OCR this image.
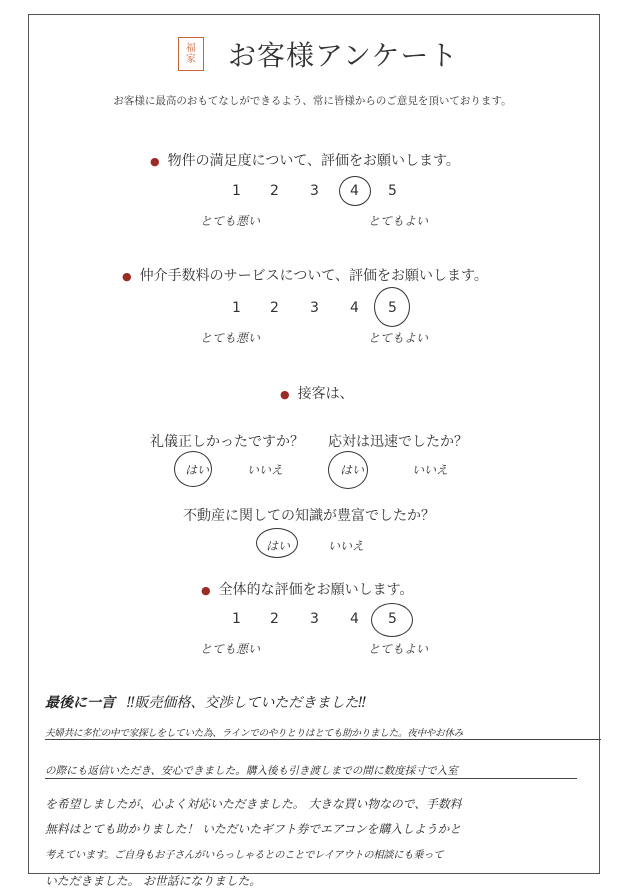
福
家 お客様アンケート
お客様に最高のおもてなしができるよう、常に皆様からのご意見を頂いております。
● 物件の満足度について、評価をお願いします。
1 2 3 4 5
とても悪い	とてもよい
● 仲介手数料のサービスについて、評価をお願いします。
1 2 3 4 5
とても悪い	とてもよい
● 接客は、
礼儀正しかったですか？ 応対は迅速でしたか？
はい	いいえ	はい	いいえ
不動産に関しての知識が豊富でしたか？
はい	いいえ
● 全体的な評価をお願いします。
1 2 3 4 5
とても悪い	とてもよい
最後に一言 ‼販売価格、交渉していただきました‼
夫婦共に多忙の中で家探しをしていた為、ラインでのやりとりはとても助かりました。夜中やお休み
の際にも返信いただき、安心できました。購入後も引き渡しまでの間に数度採寸で入室
を希望しましたが、心よく対応いただきました。 大きな買い物なので、手数料
無料はとても助かりました！ いただいたギフト券でエアコンを購入しようかと
考えています。ご自身もお子さんがいらっしゃるとのことでレイアウトの相談にも乗って
いただきました。 お世話になりました。
